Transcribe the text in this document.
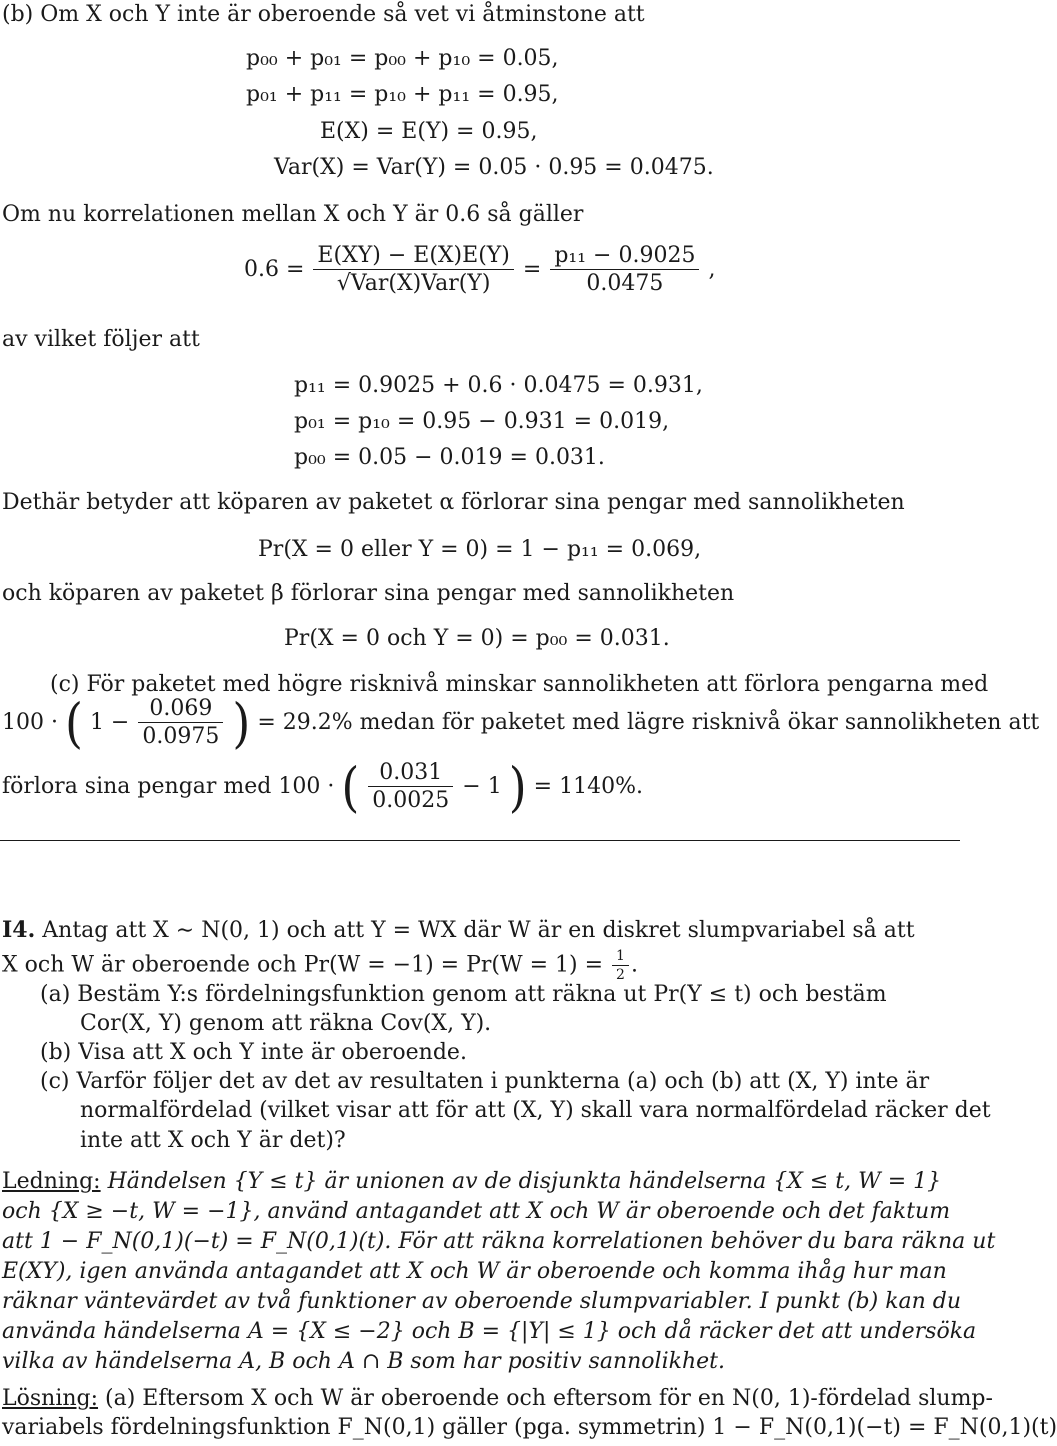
(b) Om X och Y inte är oberoende så vet vi åtminstone att
p₀₀ + p₀₁ = p₀₀ + p₁₀ = 0.05,
p₀₁ + p₁₁ = p₁₀ + p₁₁ = 0.95,
E(X) = E(Y) = 0.95,
Var(X) = Var(Y) = 0.05 · 0.95 = 0.0475.
Om nu korrelationen mellan X och Y är 0.6 så gäller
$0.6 = \frac{E(XY) - E(X)E(Y)}{\text{√Var(X)Var(Y)}} = \frac{\text{p₁₁ − 0.9025}}{0.0475}$ ,
av vilket följer att
p₁₁ = 0.9025 + 0.6 · 0.0475 = 0.931,
p₀₁ = p₁₀ = 0.95 − 0.931 = 0.019,
p₀₀ = 0.05 − 0.019 = 0.031.
Dethär betyder att köparen av paketet α förlorar sina pengar med sannolikheten
Pr(X = 0 eller Y = 0) = 1 − p₁₁ = 0.069,
och köparen av paketet β förlorar sina pengar med sannolikheten
Pr(X = 0 och Y = 0) = p₀₀ = 0.031.
(c) För paketet med högre risknivå minskar sannolikheten att förlora pengarna med
100 · ( $1 - \frac{0.069}{0.0975}$ ) = 29.2% medan för paketet med lägre risknivå ökar sannolikheten att
förlora sina pengar med 100 · ( $\frac{0.031}{0.0025} - 1$ ) = 1140%.
I4. Antag att X ∼ N(0, 1) och att Y = WX där W är en diskret slumpvariabel så att
X och W är oberoende och $Pr(W = -1) = Pr(W = 1) = \frac{1}{2}$ .
(a) Bestäm Y:s fördelningsfunktion genom att räkna ut Pr(Y ≤ t) och bestäm
Cor(X, Y) genom att räkna Cov(X, Y).
(b) Visa att X och Y inte är oberoende.
(c) Varför följer det av det av resultaten i punkterna (a) och (b) att (X, Y) inte är
normalfördelad (vilket visar att för att (X, Y) skall vara normalfördelad räcker det
inte att X och Y är det)?
Ledning: Händelsen {Y ≤ t} är unionen av de disjunkta händelserna {X ≤ t, W = 1}
och {X ≥ −t, W = −1}, använd antagandet att X och W är oberoende och det faktum
att 1 − F_N(0,1)(−t) = F_N(0,1)(t). För att räkna korrelationen behöver du bara räkna ut
E(XY), igen använda antagandet att X och W är oberoende och komma ihåg hur man
räknar väntevärdet av två funktioner av oberoende slumpvariabler. I punkt (b) kan du
använda händelserna A = {X ≤ −2} och B = {|Y| ≤ 1} och då räcker det att undersöka
vilka av händelserna A, B och A ∩ B som har positiv sannolikhet.
Lösning: (a) Eftersom X och W är oberoende och eftersom för en N(0, 1)-fördelad slump-
variabels fördelningsfunktion F_N(0,1) gäller (pga. symmetrin) 1 − F_N(0,1)(−t) = F_N(0,1)(t)
